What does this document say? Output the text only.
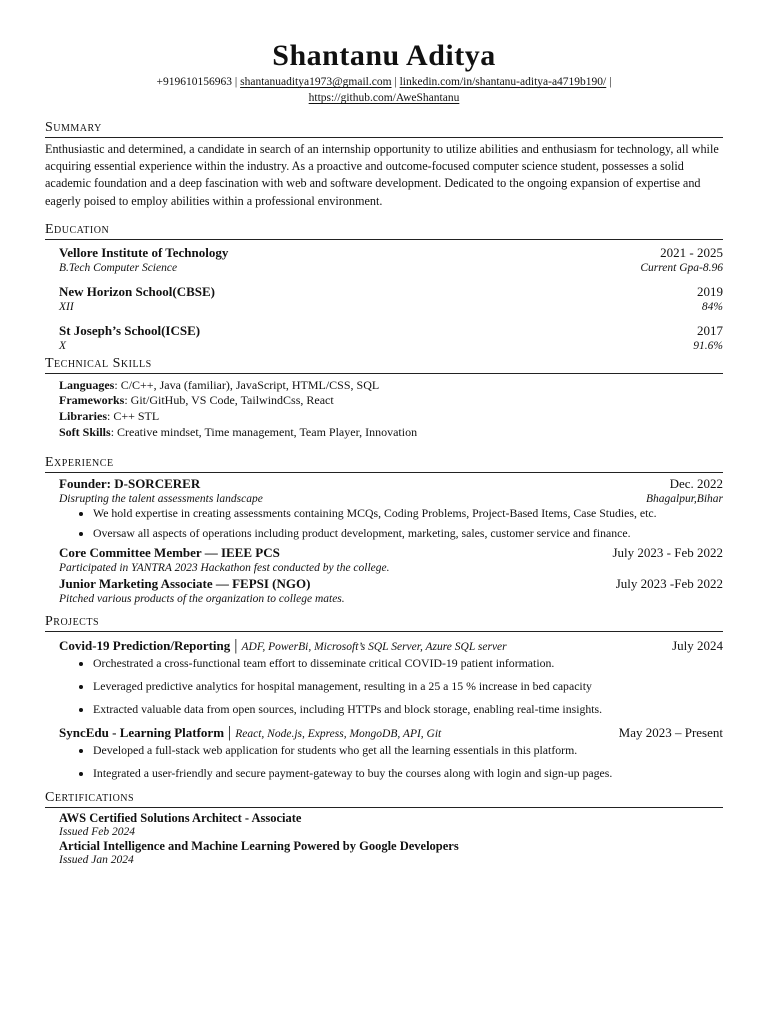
Shantanu Aditya
+919610156963 | shantanuaditya1973@gmail.com | linkedin.com/in/shantanu-aditya-a4719b190/ |
https://github.com/AweShantanu
Summary
Enthusiastic and determined, a candidate in search of an internship opportunity to utilize abilities and enthusiasm for technology, all while acquiring essential experience within the industry. As a proactive and outcome-focused computer science student, possesses a solid academic foundation and a deep fascination with web and software development. Dedicated to the ongoing expansion of expertise and eagerly poised to employ abilities within a professional environment.
Education
Vellore Institute of Technology	2021 - 2025
B.Tech Computer Science	Current Gpa-8.96
New Horizon School(CBSE)	2019
XII	84%
St Joseph’s School(ICSE)	2017
X	91.6%
Technical Skills
Languages: C/C++, Java (familiar), JavaScript, HTML/CSS, SQL
Frameworks: Git/GitHub, VS Code, TailwindCss, React
Libraries: C++ STL
Soft Skills: Creative mindset, Time management, Team Player, Innovation
Experience
Founder: D-SORCERER	Dec. 2022
Disrupting the talent assessments landscape	Bhagalpur,Bihar
• We hold expertise in creating assessments containing MCQs, Coding Problems, Project-Based Items, Case Studies, etc.
• Oversaw all aspects of operations including product development, marketing, sales, customer service and finance.
Core Committee Member — IEEE PCS	July 2023 - Feb 2022
Participated in YANTRA 2023 Hackathon fest conducted by the college.
Junior Marketing Associate — FEPSI (NGO)	July 2023 -Feb 2022
Pitched various products of the organization to college mates.
Projects
Covid-19 Prediction/Reporting | ADF, PowerBi, Microsoft’s SQL Server, Azure SQL server	July 2024
• Orchestrated a cross-functional team effort to disseminate critical COVID-19 patient information.
• Leveraged predictive analytics for hospital management, resulting in a 25 a 15 % increase in bed capacity
• Extracted valuable data from open sources, including HTTPs and block storage, enabling real-time insights.
SyncEdu - Learning Platform | React, Node.js, Express, MongoDB, API, Git	May 2023 – Present
• Developed a full-stack web application for students who get all the learning essentials in this platform.
• Integrated a user-friendly and secure payment-gateway to buy the courses along with login and sign-up pages.
Certifications
AWS Certified Solutions Architect - Associate
Issued Feb 2024
Articial Intelligence and Machine Learning Powered by Google Developers
Issued Jan 2024
